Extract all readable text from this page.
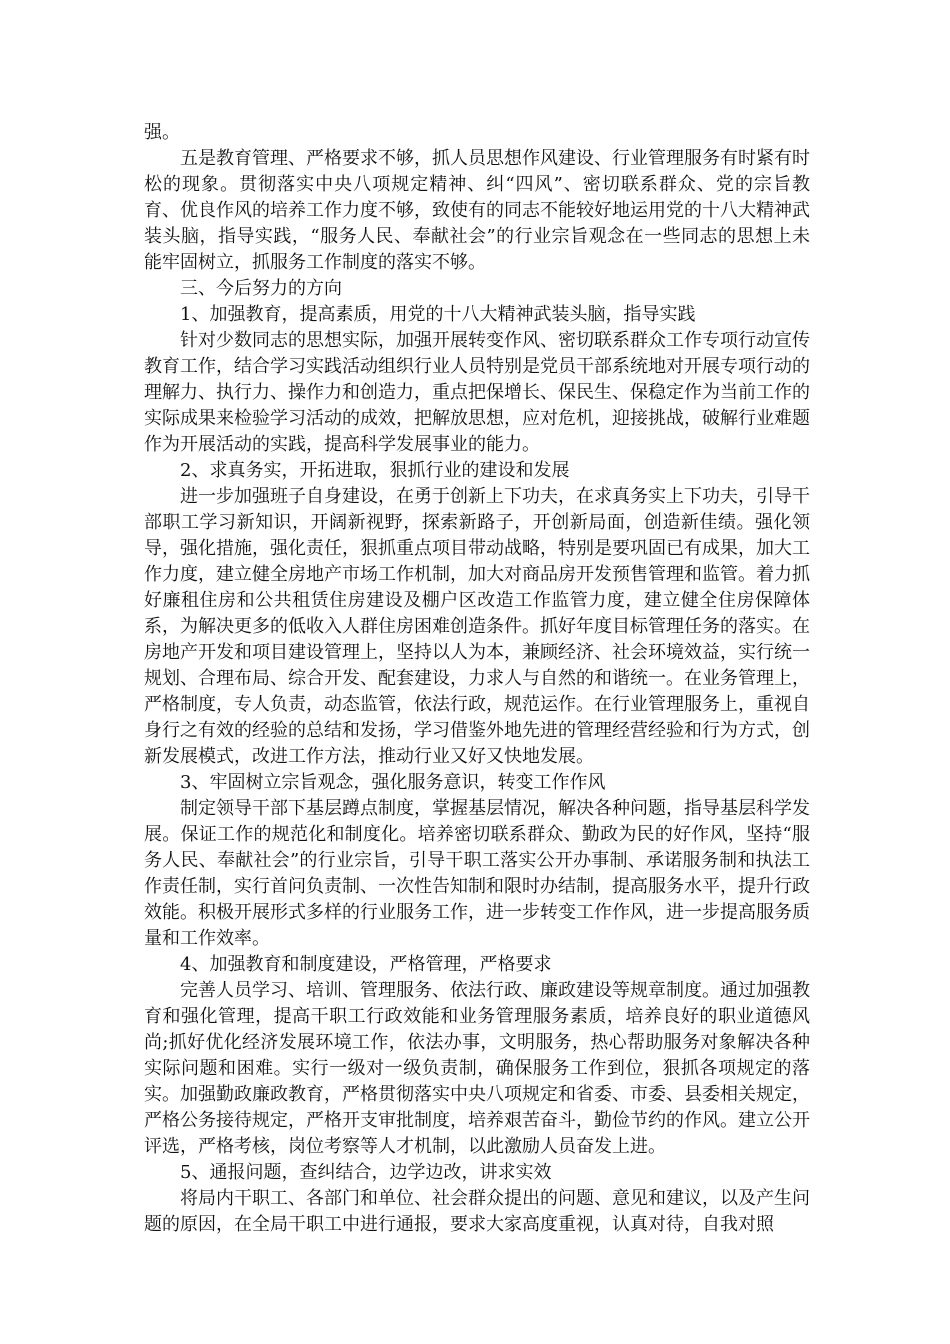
强。

五是教育管理、严格要求不够，抓人员思想作风建设、行业管理服务有时紧有时松的现象。贯彻落实中央八项规定精神、纠“四风”、密切联系群众、党的宗旨教育、优良作风的培养工作力度不够，致使有的同志不能较好地运用党的十八大精神武装头脑，指导实践，“服务人民、奉献社会”的行业宗旨观念在一些同志的思想上未能牢固树立，抓服务工作制度的落实不够。

三、今后努力的方向

1、加强教育，提高素质，用党的十八大精神武装头脑，指导实践

针对少数同志的思想实际，加强开展转变作风、密切联系群众工作专项行动宣传教育工作，结合学习实践活动组织行业人员特别是党员干部系统地对开展专项行动的理解力、执行力、操作力和创造力，重点把保增长、保民生、保稳定作为当前工作的实际成果来检验学习活动的成效，把解放思想，应对危机，迎接挑战，破解行业难题作为开展活动的实践，提高科学发展事业的能力。

2、求真务实，开拓进取，狠抓行业的建设和发展

进一步加强班子自身建设，在勇于创新上下功夫，在求真务实上下功夫，引导干部职工学习新知识，开阔新视野，探索新路子，开创新局面，创造新佳绩。强化领导，强化措施，强化责任，狠抓重点项目带动战略，特别是要巩固已有成果，加大工作力度，建立健全房地产市场工作机制，加大对商品房开发预售管理和监管。着力抓好廉租住房和公共租赁住房建设及棚户区改造工作监管力度，建立健全住房保障体系，为解决更多的低收入人群住房困难创造条件。抓好年度目标管理任务的落实。在房地产开发和项目建设管理上，坚持以人为本，兼顾经济、社会环境效益，实行统一规划、合理布局、综合开发、配套建设，力求人与自然的和谐统一。在业务管理上，严格制度，专人负责，动态监管，依法行政，规范运作。在行业管理服务上，重视自身行之有效的经验的总结和发扬，学习借鉴外地先进的管理经营经验和行为方式，创新发展模式，改进工作方法，推动行业又好又快地发展。

3、牢固树立宗旨观念，强化服务意识，转变工作作风

制定领导干部下基层蹲点制度，掌握基层情况，解决各种问题，指导基层科学发展。保证工作的规范化和制度化。培养密切联系群众、勤政为民的好作风，坚持“服务人民、奉献社会”的行业宗旨，引导干职工落实公开办事制、承诺服务制和执法工作责任制，实行首问负责制、一次性告知制和限时办结制，提高服务水平，提升行政效能。积极开展形式多样的行业服务工作，进一步转变工作作风，进一步提高服务质量和工作效率。

4、加强教育和制度建设，严格管理，严格要求

完善人员学习、培训、管理服务、依法行政、廉政建设等规章制度。通过加强教育和强化管理，提高干职工行政效能和业务管理服务素质，培养良好的职业道德风尚;抓好优化经济发展环境工作，依法办事，文明服务，热心帮助服务对象解决各种实际问题和困难。实行一级对一级负责制，确保服务工作到位，狠抓各项规定的落实。加强勤政廉政教育，严格贯彻落实中央八项规定和省委、市委、县委相关规定，严格公务接待规定，严格开支审批制度，培养艰苦奋斗，勤俭节约的作风。建立公开评选，严格考核，岗位考察等人才机制，以此激励人员奋发上进。

5、通报问题，查纠结合，边学边改，讲求实效

将局内干职工、各部门和单位、社会群众提出的问题、意见和建议，以及产生问题的原因，在全局干职工中进行通报，要求大家高度重视，认真对待，自我对照
